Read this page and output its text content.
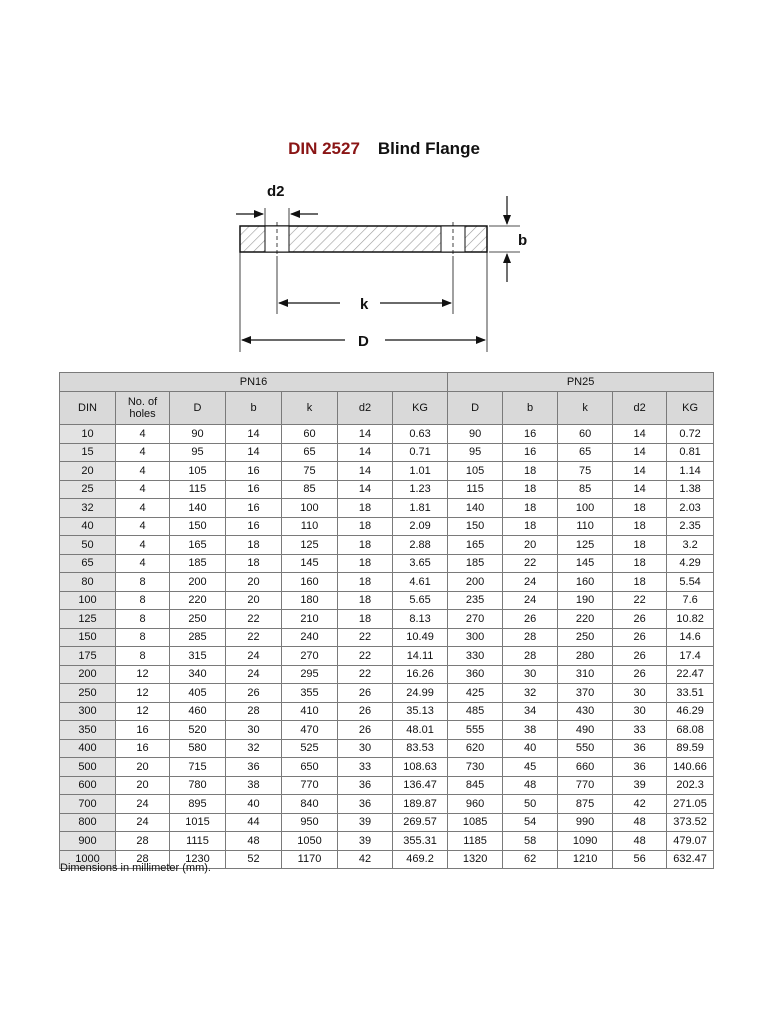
DIN 2527 Blind Flange
d2
b
k
D
PN16							PN25				
DIN	No. of holes	D	b	k	d2	KG	D	b	k	d2	KG
10	4	90	14	60	14	0.63	90	16	60	14	0.72
15	4	95	14	65	14	0.71	95	16	65	14	0.81
20	4	105	16	75	14	1.01	105	18	75	14	1.14
25	4	115	16	85	14	1.23	115	18	85	14	1.38
32	4	140	16	100	18	1.81	140	18	100	18	2.03
40	4	150	16	110	18	2.09	150	18	110	18	2.35
50	4	165	18	125	18	2.88	165	20	125	18	3.2
65	4	185	18	145	18	3.65	185	22	145	18	4.29
80	8	200	20	160	18	4.61	200	24	160	18	5.54
100	8	220	20	180	18	5.65	235	24	190	22	7.6
125	8	250	22	210	18	8.13	270	26	220	26	10.82
150	8	285	22	240	22	10.49	300	28	250	26	14.6
175	8	315	24	270	22	14.11	330	28	280	26	17.4
200	12	340	24	295	22	16.26	360	30	310	26	22.47
250	12	405	26	355	26	24.99	425	32	370	30	33.51
300	12	460	28	410	26	35.13	485	34	430	30	46.29
350	16	520	30	470	26	48.01	555	38	490	33	68.08
400	16	580	32	525	30	83.53	620	40	550	36	89.59
500	20	715	36	650	33	108.63	730	45	660	36	140.66
600	20	780	38	770	36	136.47	845	48	770	39	202.3
700	24	895	40	840	36	189.87	960	50	875	42	271.05
800	24	1015	44	950	39	269.57	1085	54	990	48	373.52
900	28	1115	48	1050	39	355.31	1185	58	1090	48	479.07
1000	28	1230	52	1170	42	469.2	1320	62	1210	56	632.47
Dimensions in millimeter (mm).
